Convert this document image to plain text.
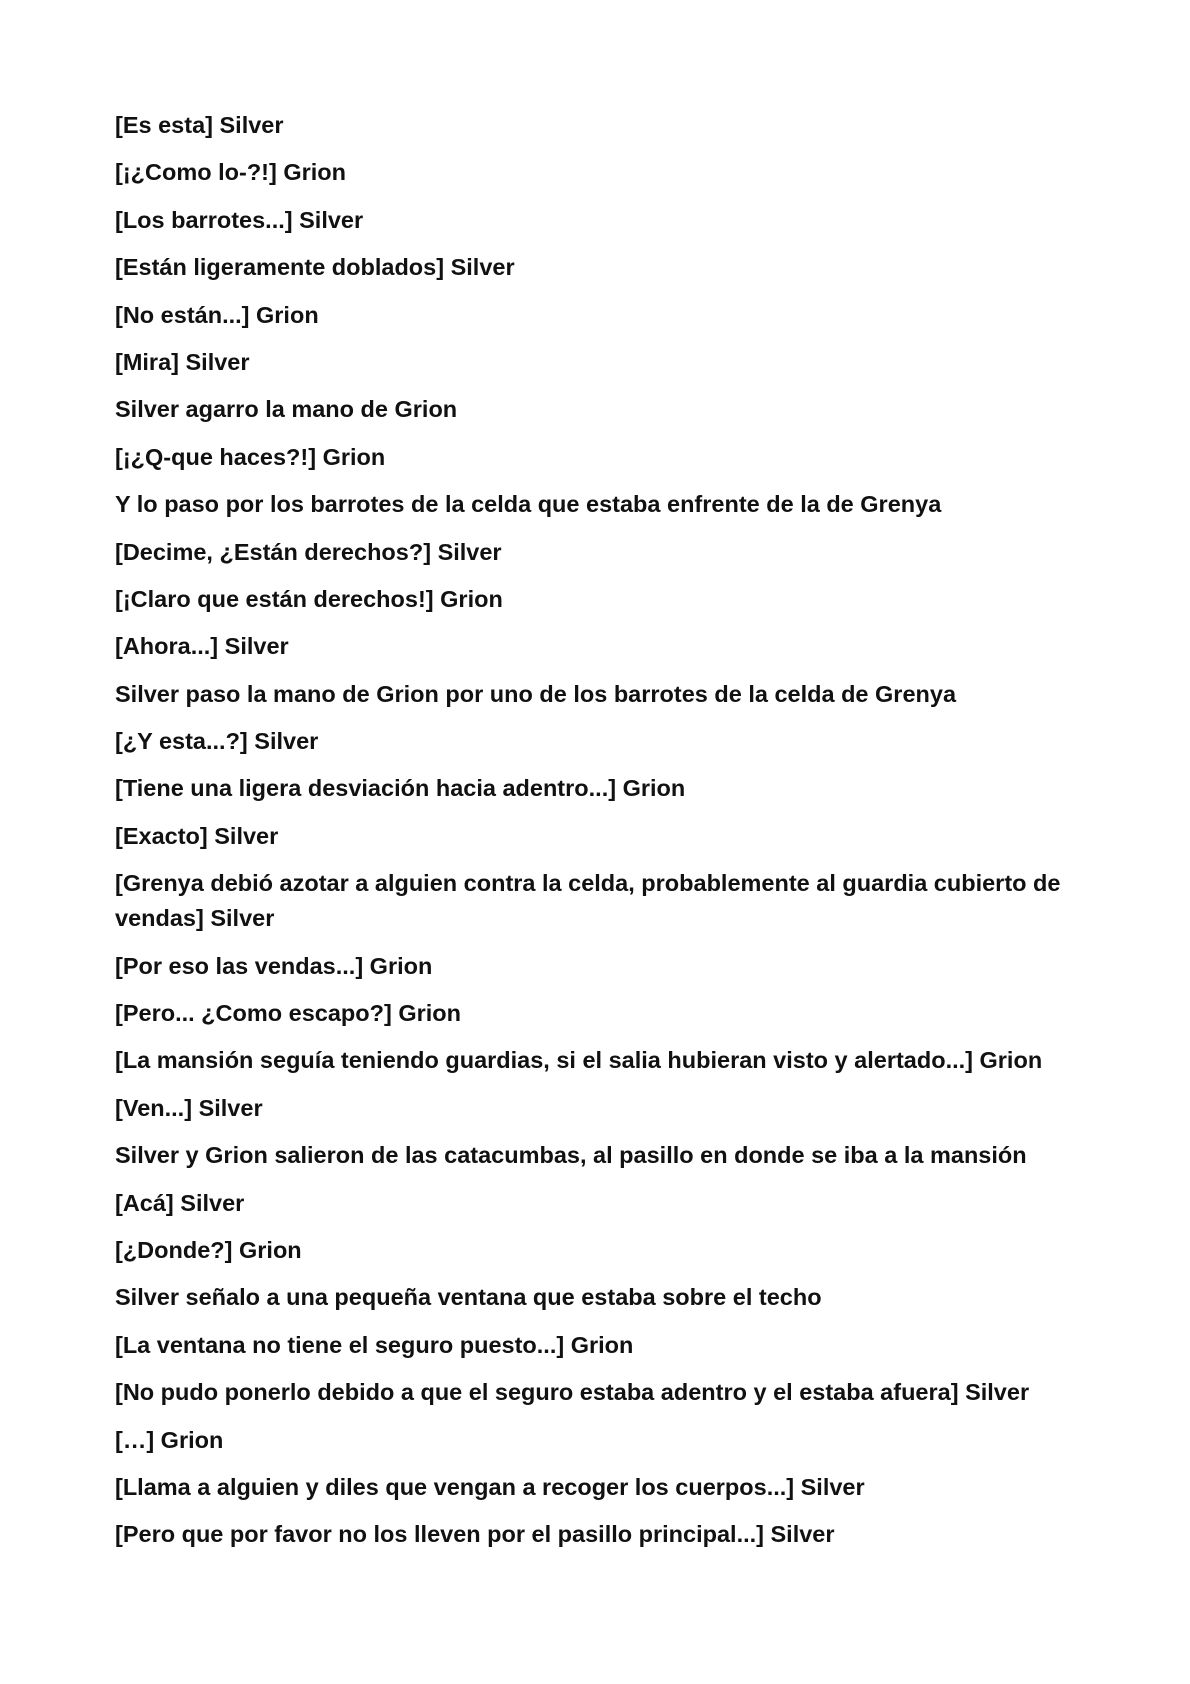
[Es esta] Silver

[¡¿Como lo-?!] Grion

[Los barrotes...] Silver

[Están ligeramente doblados] Silver

[No están...] Grion

[Mira] Silver

Silver agarro la mano de Grion

[¡¿Q-que haces?!] Grion

Y lo paso por los barrotes de la celda que estaba enfrente de la de Grenya

[Decime, ¿Están derechos?] Silver

[¡Claro que están derechos!] Grion

[Ahora...] Silver

Silver paso la mano de Grion por uno de los barrotes de la celda de Grenya

[¿Y esta...?] Silver

[Tiene una ligera desviación hacia adentro...] Grion

[Exacto] Silver

[Grenya debió azotar a alguien contra la celda, probablemente al guardia cubierto de vendas] Silver

[Por eso las vendas...] Grion

[Pero... ¿Como escapo?] Grion

[La mansión seguía teniendo guardias, si el salia hubieran visto y alertado...] Grion

[Ven...] Silver

Silver y Grion salieron de las catacumbas, al pasillo en donde se iba a la mansión

[Acá] Silver

[¿Donde?] Grion

Silver señalo a una pequeña ventana que estaba sobre el techo

[La ventana no tiene el seguro puesto...] Grion

[No pudo ponerlo debido a que el seguro estaba adentro y el estaba afuera] Silver

[…] Grion

[Llama a alguien y diles que vengan a recoger los cuerpos...] Silver

[Pero que por favor no los lleven por el pasillo principal...] Silver
